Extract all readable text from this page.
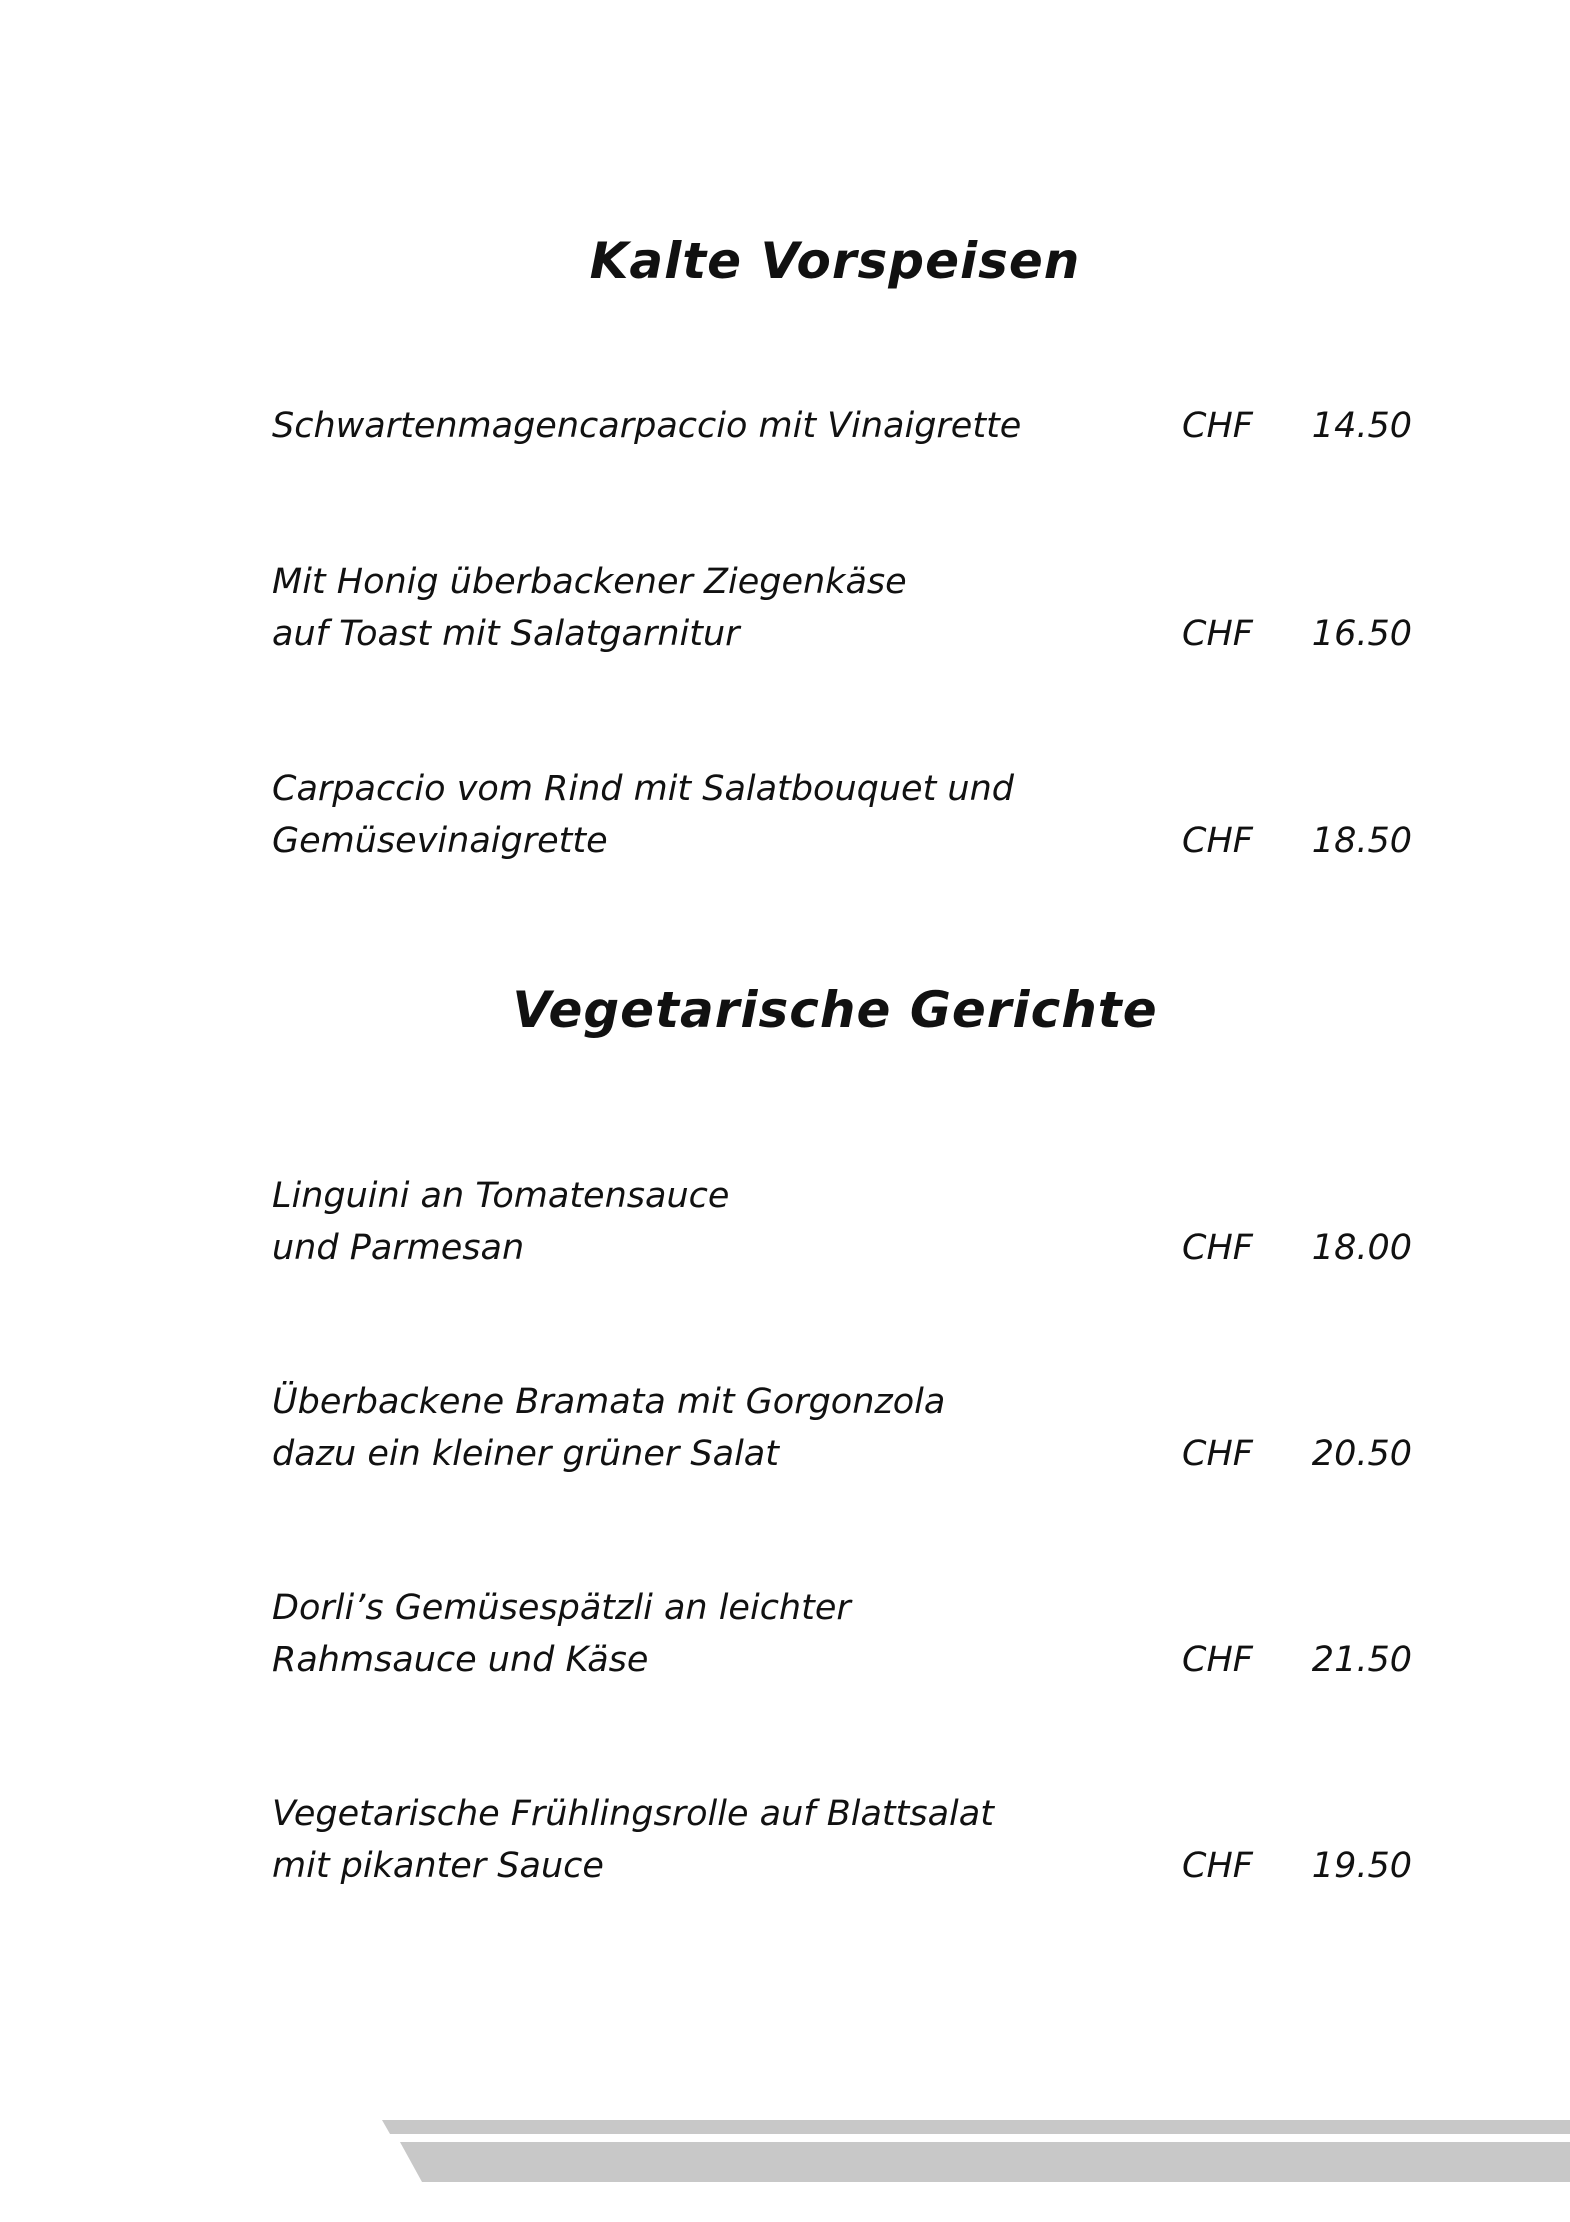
Kalte Vorspeisen
Schwartenmagencarpaccio mit Vinaigrette	CHF 14.50
Mit Honig überbackener Ziegenkäse
auf Toast mit Salatgarnitur	CHF 16.50
Carpaccio vom Rind mit Salatbouquet und
Gemüsevinaigrette	CHF 18.50
Vegetarische Gerichte
Linguini an Tomatensauce
und Parmesan	CHF 18.00
Überbackene Bramata mit Gorgonzola
dazu ein kleiner grüner Salat	CHF 20.50
Dorli’s Gemüsespätzli an leichter
Rahmsauce und Käse	CHF 21.50
Vegetarische Frühlingsrolle auf Blattsalat
mit pikanter Sauce	CHF 19.50
